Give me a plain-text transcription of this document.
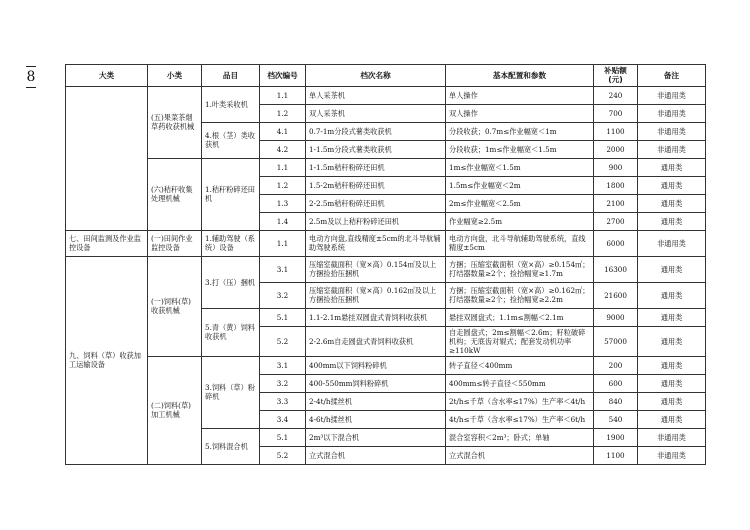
8	大类	小类	品目	档次编号	档次名称	基本配置和参数	补贴额(元)	备注
	(五)果菜茶烟草药收获机械	1.叶类采收机	1.1	单人采茶机	单人操作	240	非通用类
			1.2	双人采茶机	双人操作	700	非通用类
		4.根（茎）类收获机	4.1	0.7-1m分段式薯类收获机	分段收获；0.7m≤作业幅宽＜1m	1100	非通用类
			4.2	1-1.5m分段式薯类收获机	分段收获；1m≤作业幅宽＜1.5m	2000	非通用类
	(六)秸秆收集处理机械	1.秸秆粉碎还田机	1.1	1-1.5m秸秆粉碎还田机	1m≤作业幅宽＜1.5m	900	通用类
			1.2	1.5-2m秸秆粉碎还田机	1.5m≤作业幅宽＜2m	1800	通用类
			1.3	2-2.5m秸秆粉碎还田机	2m≤作业幅宽＜2.5m	2100	通用类
			1.4	2.5m及以上秸秆粉碎还田机	作业幅宽≥2.5m	2700	通用类
七、田间监测及作业监控设备	(一)田间作业监控设备	1.辅助驾驶（系统）设备	1.1	电动方向盘,直线精度±5cm的北斗导航辅助驾驶系统	电动方向盘，北斗导航辅助驾驶系统，直线精度±5cm	6000	非通用类
九、饲料（草）收获加工运输设备	(一)饲料(草)收获机械	3.打（压）捆机	3.1	压缩室截面积（宽×高）0.154㎡及以上方捆捡拾压捆机	方捆；压缩室截面积（宽×高）≥0.154㎡；打结器数量≥2个；捡拾幅宽≥1.7m	16300	通用类
			3.2	压缩室截面积（宽×高）0.162㎡及以上方捆捡拾压捆机	方捆；压缩室截面积（宽×高）≥0.162㎡；打结器数量≥2个；捡拾幅宽≥2.2m	21600	通用类
		5.青（黄）饲料收获机	5.1	1.1-2.1m悬挂双圆盘式青饲料收获机	悬挂双圆盘式；1.1m≤割幅＜2.1m	9000	通用类
			5.2	2-2.6m自走圆盘式青饲料收获机	自走圆盘式；2m≤割幅＜2.6m；籽粒破碎机构；无底齿对辊式；配套发动机功率≥110kW	57000	通用类
	(二)饲料(草)加工机械	3.饲料（草）粉碎机	3.1	400mm以下饲料粉碎机	转子直径＜400mm	200	通用类
			3.2	400-550mm饲料粉碎机	400mm≤转子直径＜550mm	600	通用类
			3.3	2-4t/h揉丝机	2t/h≤千草（含水率≤17%）生产率＜4t/h	840	通用类
			3.4	4-6t/h揉丝机	4t/h≤千草（含水率≤17%）生产率＜6t/h	540	通用类
		5.饲料混合机	5.1	2m³以下混合机	混合室容积＜2m³；卧式；单轴	1900	非通用类
			5.2	立式混合机	立式混合机	1100	非通用类
